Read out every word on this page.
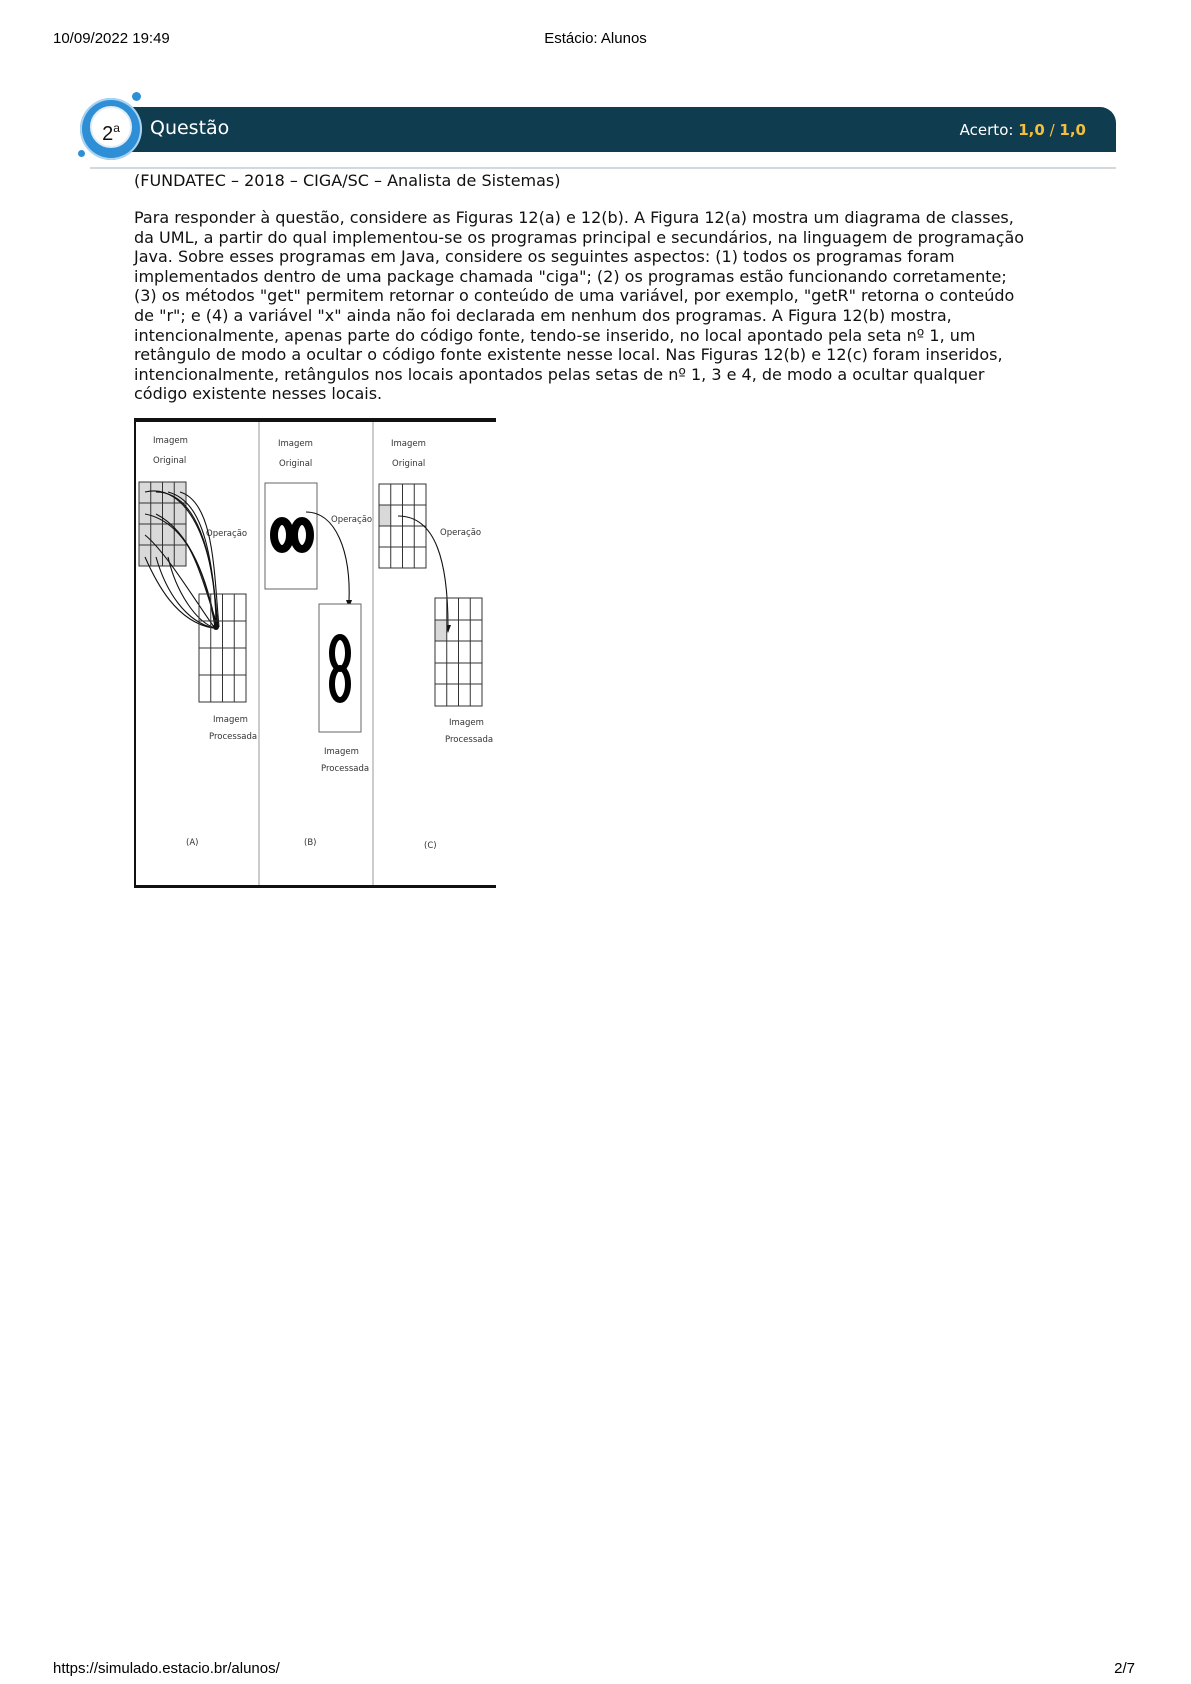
10/09/2022 19:49	Estácio: Alunos
2$^a$	Questão	Acerto: 1,0 / 1,0
(FUNDATEC – 2018 – CIGA/SC – Analista de Sistemas)
Para responder à questão, considere as Figuras 12(a) e 12(b). A Figura 12(a) mostra um diagrama de classes,
da UML, a partir do qual implementou-se os programas principal e secundários, na linguagem de programação
Java. Sobre esses programas em Java, considere os seguintes aspectos: (1) todos os programas foram
implementados dentro de uma package chamada "ciga"; (2) os programas estão funcionando corretamente;
(3) os métodos "get" permitem retornar o conteúdo de uma variável, por exemplo, "getR" retorna o conteúdo
de "r"; e (4) a variável "x" ainda não foi declarada em nenhum dos programas. A Figura 12(b) mostra,
intencionalmente, apenas parte do código fonte, tendo-se inserido, no local apontado pela seta nº 1, um
retângulo de modo a ocultar o código fonte existente nesse local. Nas Figuras 12(b) e 12(c) foram inseridos,
intencionalmente, retângulos nos locais apontados pelas setas de nº 1, 3 e 4, de modo a ocultar qualquer
código existente nesses locais.
Imagem
Original
Operação
Imagem
Processada
(A)
Imagem
Original
Operação
Imagem
Processada
(B)
Imagem
Original
Operação
Imagem
Processada
(C)
https://simulado.estacio.br/alunos/	2/7
